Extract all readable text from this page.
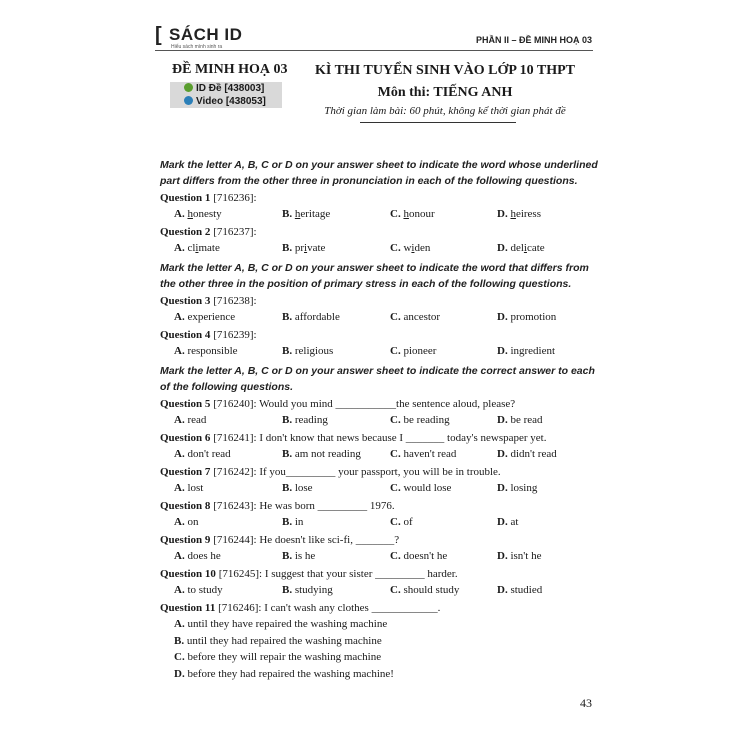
[ SÁCH ID
Hiểu sách mình sinh ra
PHẦN II – ĐỀ MINH HOẠ 03
ĐỀ MINH HOẠ 03
ID Đề [438003]
Video [438053]
KÌ THI TUYỂN SINH VÀO LỚP 10 THPT
Môn thi: TIẾNG ANH
Thời gian làm bài: 60 phút, không kể thời gian phát đề
Mark the letter A, B, C or D on your answer sheet to indicate the word whose underlined part differs from the other three in pronunciation in each of the following questions.
Question 1 [716236]:
A. honesty	B. heritage	C. honour	D. heiress
Question 2 [716237]:
A. climate	B. private	C. widen	D. delicate
Mark the letter A, B, C or D on your answer sheet to indicate the word that differs from the other three in the position of primary stress in each of the following questions.
Question 3 [716238]:
A. experience	B. affordable	C. ancestor	D. promotion
Question 4 [716239]:
A. responsible	B. religious	C. pioneer	D. ingredient
Mark the letter A, B, C or D on your answer sheet to indicate the correct answer to each of the following questions.
Question 5 [716240]: Would you mind ___________the sentence aloud, please?
A. read	B. reading	C. be reading	D. be read
Question 6 [716241]: I don't know that news because I _______ today's newspaper yet.
A. don't read	B. am not reading	C. haven't read	D. didn't read
Question 7 [716242]: If you_________ your passport, you will be in trouble.
A. lost	B. lose	C. would lose	D. losing
Question 8 [716243]: He was born _________ 1976.
A. on	B. in	C. of	D. at
Question 9 [716244]: He doesn't like sci-fi, _______?
A. does he	B. is he	C. doesn't he	D. isn't he
Question 10 [716245]: I suggest that your sister _________ harder.
A. to study	B. studying	C. should study	D. studied
Question 11 [716246]: I can't wash any clothes ____________.
A. until they have repaired the washing machine
B. until they had repaired the washing machine
C. before they will repair the washing machine
D. before they had repaired the washing machine!
43
